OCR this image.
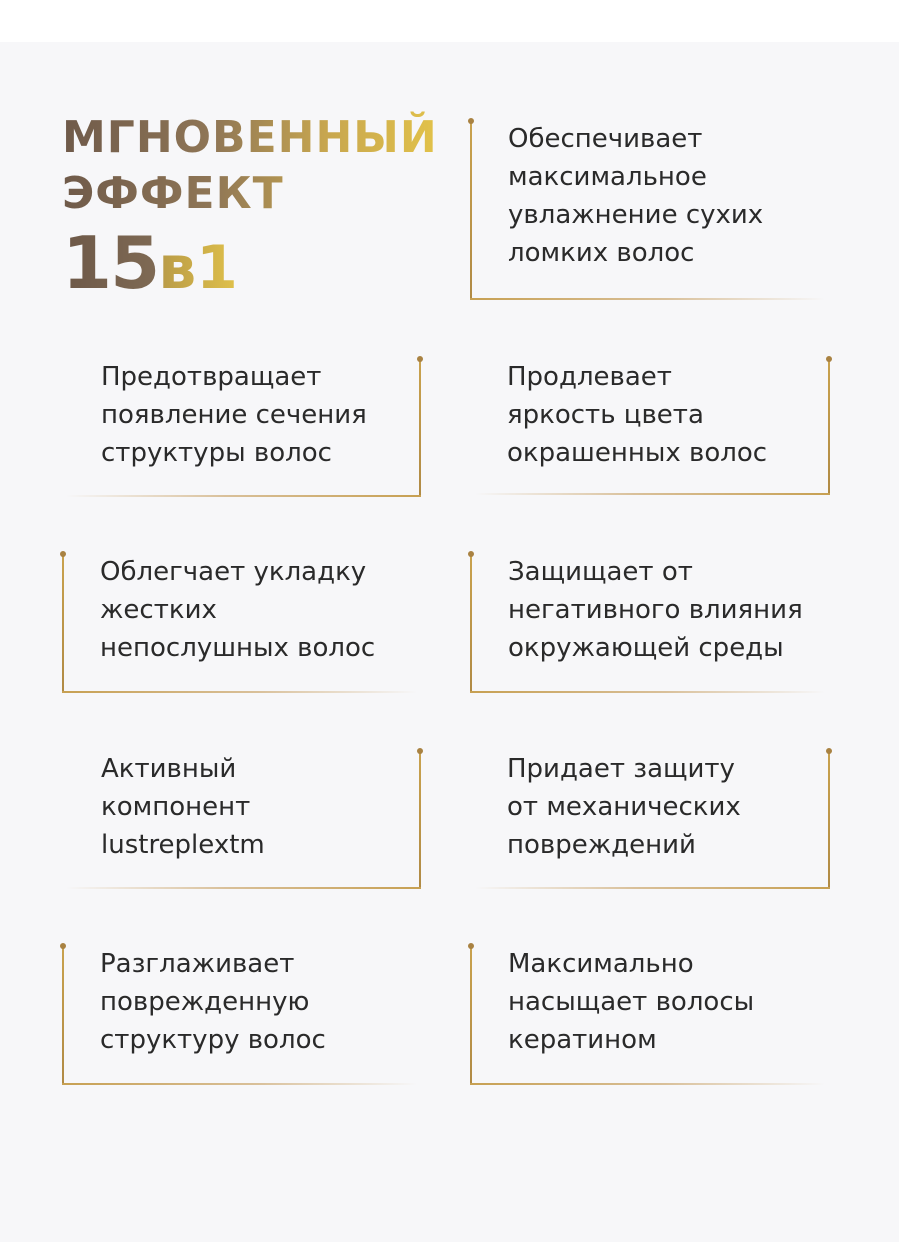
МГНОВЕННЫЙ
ЭФФЕКТ
15в1
Обеспечивает
максимальное
увлажнение сухих
ломких волос
Предотвращает
появление сечения
структуры волос
Продлевает
яркость цвета
окрашенных волос
Облегчает укладку
жестких
непослушных волос
Защищает от
негативного влияния
окружающей среды
Активный
компонент
lustreplextm
Придает защиту
от механических
повреждений
Разглаживает
поврежденную
структуру волос
Максимально
насыщает волосы
кератином
